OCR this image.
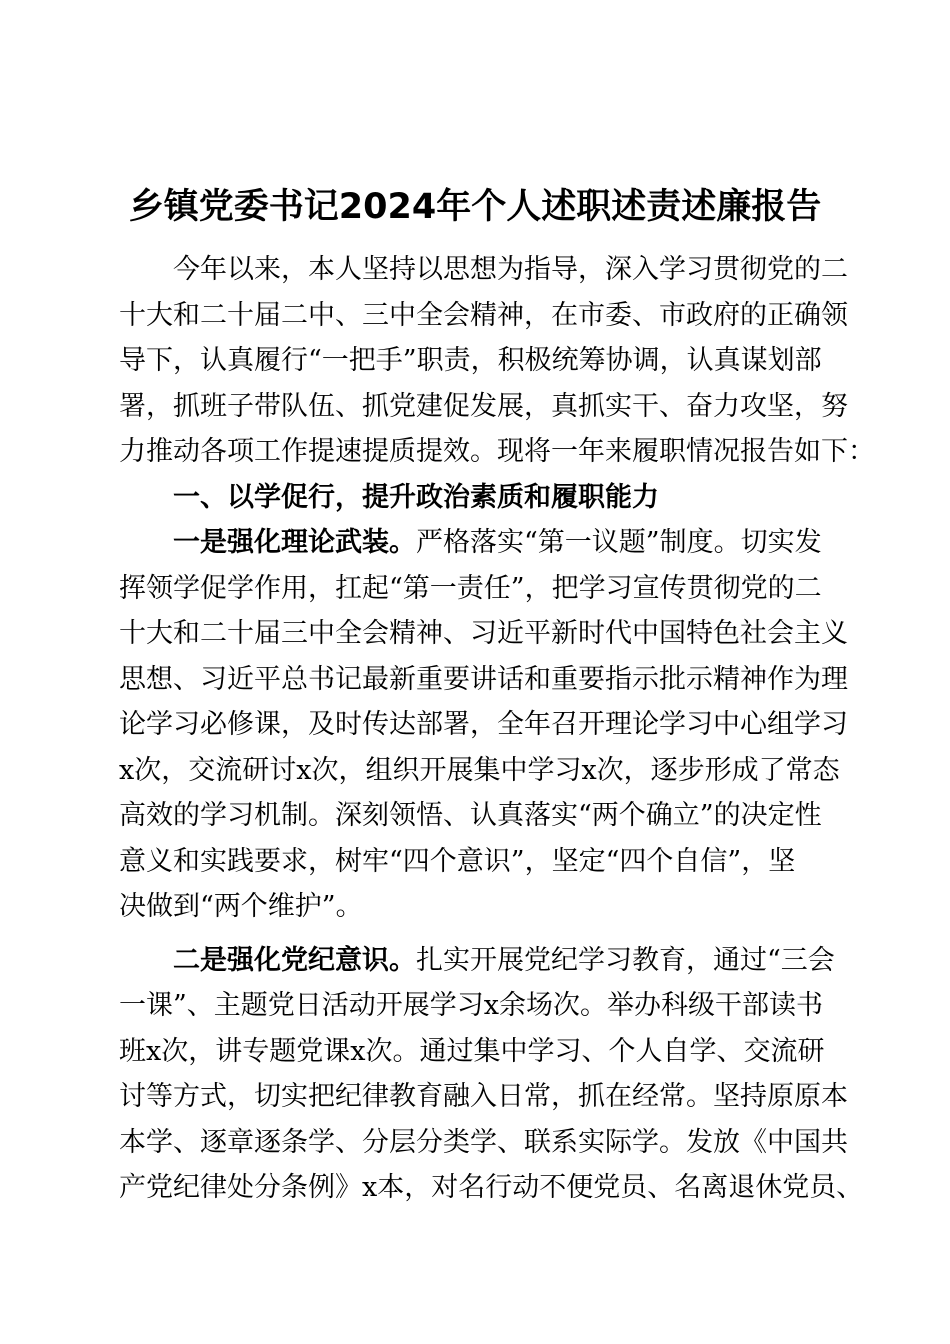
乡镇党委书记2024年个人述职述责述廉报告
今年以来，本人坚持以思想为指导，深入学习贯彻党的二
十大和二十届二中、三中全会精神，在市委、市政府的正确领
导下，认真履行“一把手”职责，积极统筹协调，认真谋划部
署，抓班子带队伍、抓党建促发展，真抓实干、奋力攻坚，努
力推动各项工作提速提质提效。现将一年来履职情况报告如下：
一、以学促行，提升政治素质和履职能力
一是强化理论武装。严格落实“第一议题”制度。切实发
挥领学促学作用，扛起“第一责任”，把学习宣传贯彻党的二
十大和二十届三中全会精神、习近平新时代中国特色社会主义
思想、习近平总书记最新重要讲话和重要指示批示精神作为理
论学习必修课，及时传达部署，全年召开理论学习中心组学习
x次，交流研讨x次，组织开展集中学习x次，逐步形成了常态
高效的学习机制。深刻领悟、认真落实“两个确立”的决定性
意义和实践要求，树牢“四个意识”，坚定“四个自信”，坚
决做到“两个维护”。
二是强化党纪意识。扎实开展党纪学习教育，通过“三会
一课”、主题党日活动开展学习x余场次。举办科级干部读书
班x次，讲专题党课x次。通过集中学习、个人自学、交流研
讨等方式，切实把纪律教育融入日常，抓在经常。坚持原原本
本学、逐章逐条学、分层分类学、联系实际学。发放《中国共
产党纪律处分条例》x本，对名行动不便党员、名离退休党员、
